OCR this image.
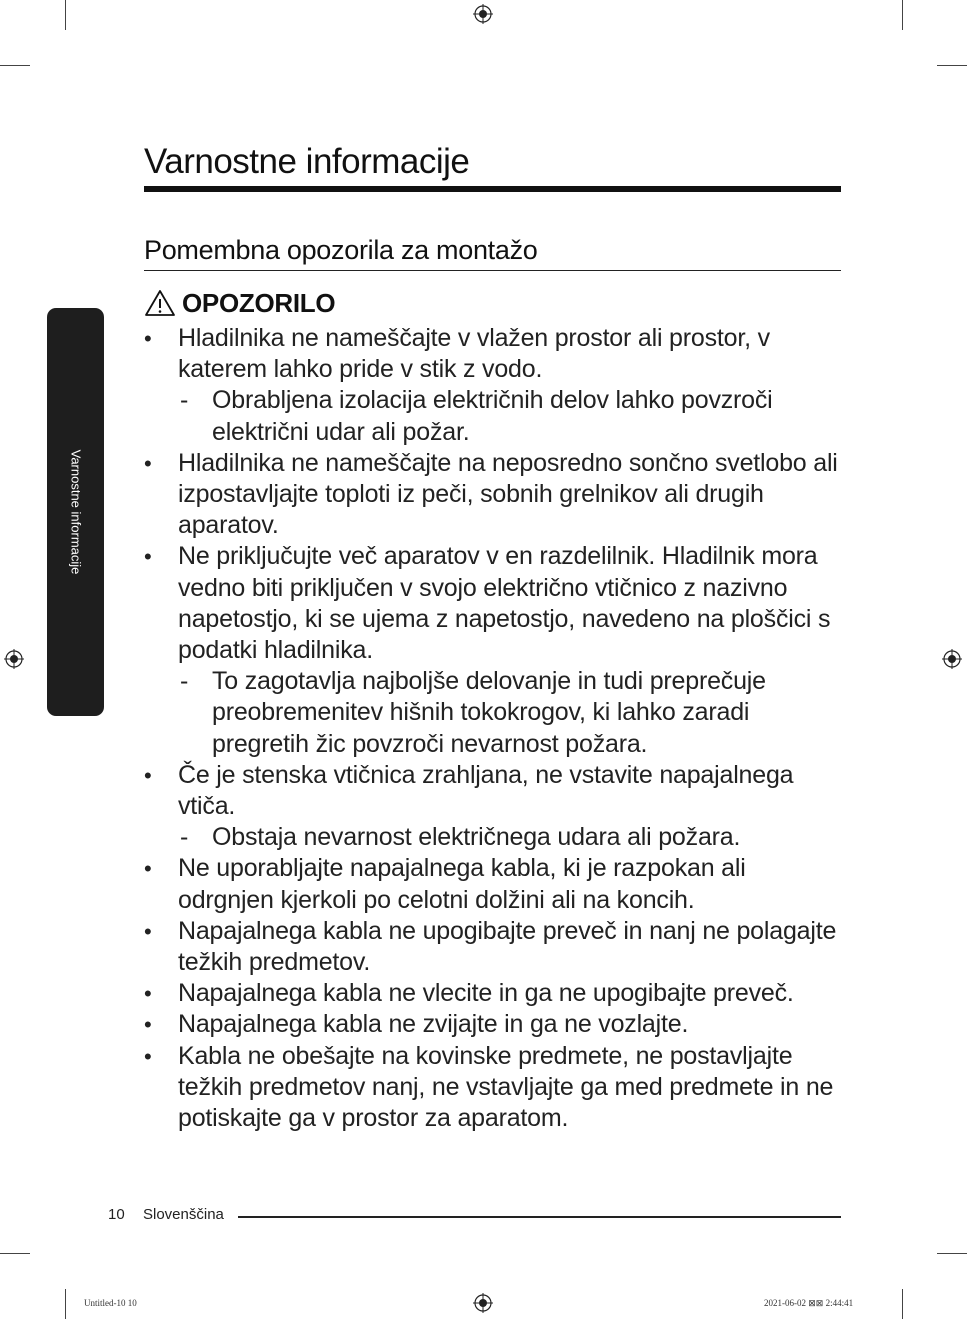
Varnostne informacije
Pomembna opozorila za montažo
OPOZORILO

• Hladilnika ne nameščajte v vlažen prostor ali prostor, v katerem lahko pride v stik z vodo.

- Obrabljena izolacija električnih delov lahko povzroči električni udar ali požar.

• Hladilnika ne nameščajte na neposredno sončno svetlobo ali izpostavljajte toploti iz peči, sobnih grelnikov ali drugih aparatov.

• Ne priključujte več aparatov v en razdelilnik. Hladilnik mora vedno biti priključen v svojo električno vtičnico z nazivno napetostjo, ki se ujema z napetostjo, navedeno na ploščici s podatki hladilnika.

- To zagotavlja najboljše delovanje in tudi preprečuje preobremenitev hišnih tokokrogov, ki lahko zaradi pregretih žic povzroči nevarnost požara.

• Če je stenska vtičnica zrahljana, ne vstavite napajalnega vtiča.

- Obstaja nevarnost električnega udara ali požara.

• Ne uporabljajte napajalnega kabla, ki je razpokan ali odrgnjen kjerkoli po celotni dolžini ali na koncih.

• Napajalnega kabla ne upogibajte preveč in nanj ne polagajte težkih predmetov.

• Napajalnega kabla ne vlecite in ga ne upogibajte preveč.

• Napajalnega kabla ne zvijajte in ga ne vozlajte.

• Kabla ne obešajte na kovinske predmete, ne postavljajte težkih predmetov nanj, ne vstavljajte ga med predmete in ne potiskajte ga v prostor za aparatom.

Varnostne informacije
10 Slovenščina
Untitled-10 10	2021-06-02 ⊠⊠ 2:44:41
